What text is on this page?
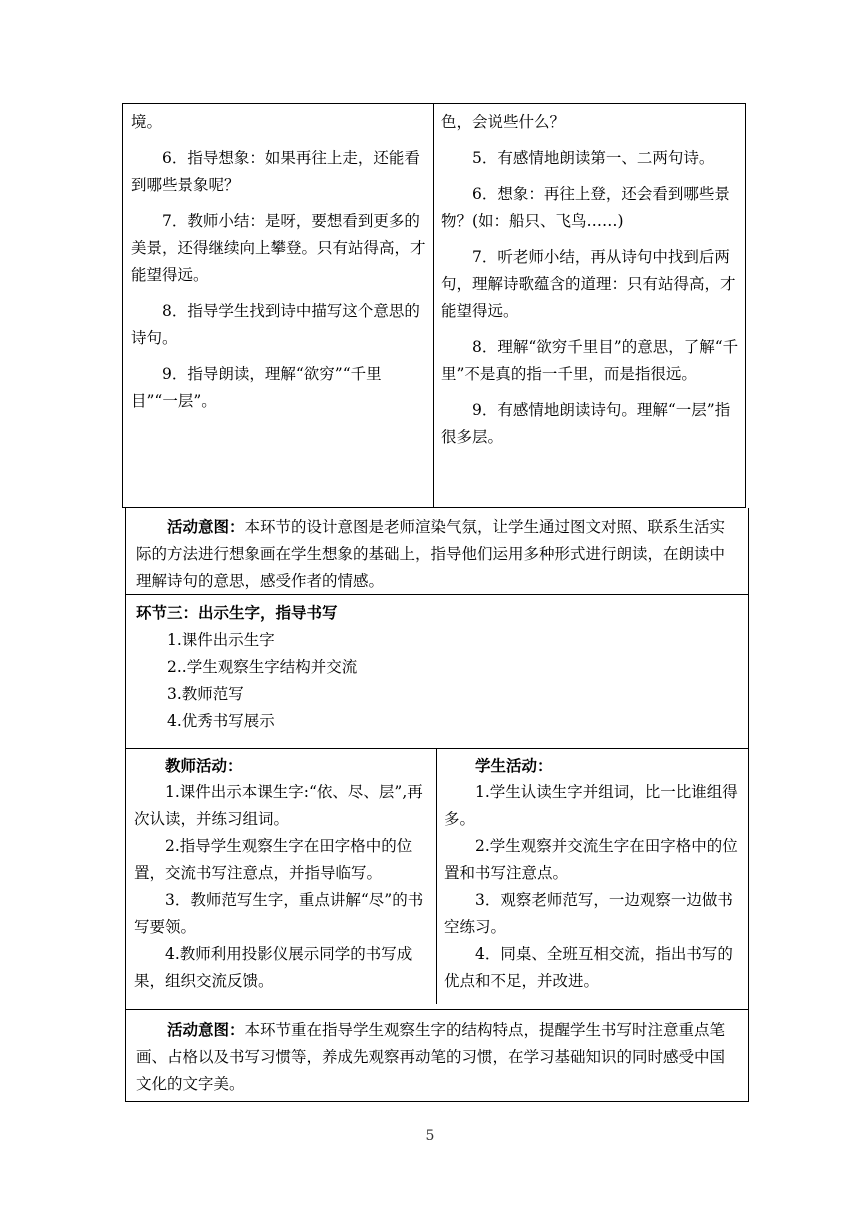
境。

6．指导想象：如果再往上走，还能看到哪些景象呢？

7．教师小结：是呀，要想看到更多的美景，还得继续向上攀登。只有站得高，才能望得远。

8．指导学生找到诗中描写这个意思的诗句。

9．指导朗读，理解“欲穷”“千里目”“一层”。

色，会说些什么？

5．有感情地朗读第一、二两句诗。

6．想象：再往上登，还会看到哪些景物？(如：船只、飞鸟……)

7．听老师小结，再从诗句中找到后两句，理解诗歌蕴含的道理：只有站得高，才能望得远。

8．理解“欲穷千里目”的意思，了解“千里”不是真的指一千里，而是指很远。

9．有感情地朗读诗句。理解“一层”指很多层。

活动意图：本环节的设计意图是老师渲染气氛，让学生通过图文对照、联系生活实际的方法进行想象画在学生想象的基础上，指导他们运用多种形式进行朗读，在朗读中理解诗句的意思，感受作者的情感。

环节三：出示生字，指导书写

1.课件出示生字

2..学生观察生字结构并交流

3.教师范写

4.优秀书写展示

教师活动：

1.课件出示本课生字:“依、尽、层”,再次认读，并练习组词。

2.指导学生观察生字在田字格中的位置，交流书写注意点，并指导临写。

3．教师范写生字，重点讲解“尽”的书写要领。

4.教师利用投影仪展示同学的书写成果，组织交流反馈。

学生活动：

1.学生认读生字并组词，比一比谁组得多。

2.学生观察并交流生字在田字格中的位置和书写注意点。

3．观察老师范写，一边观察一边做书空练习。

4．同桌、全班互相交流，指出书写的优点和不足，并改进。

活动意图：本环节重在指导学生观察生字的结构特点，提醒学生书写时注意重点笔画、占格以及书写习惯等，养成先观察再动笔的习惯，在学习基础知识的同时感受中国文化的文字美。

5
